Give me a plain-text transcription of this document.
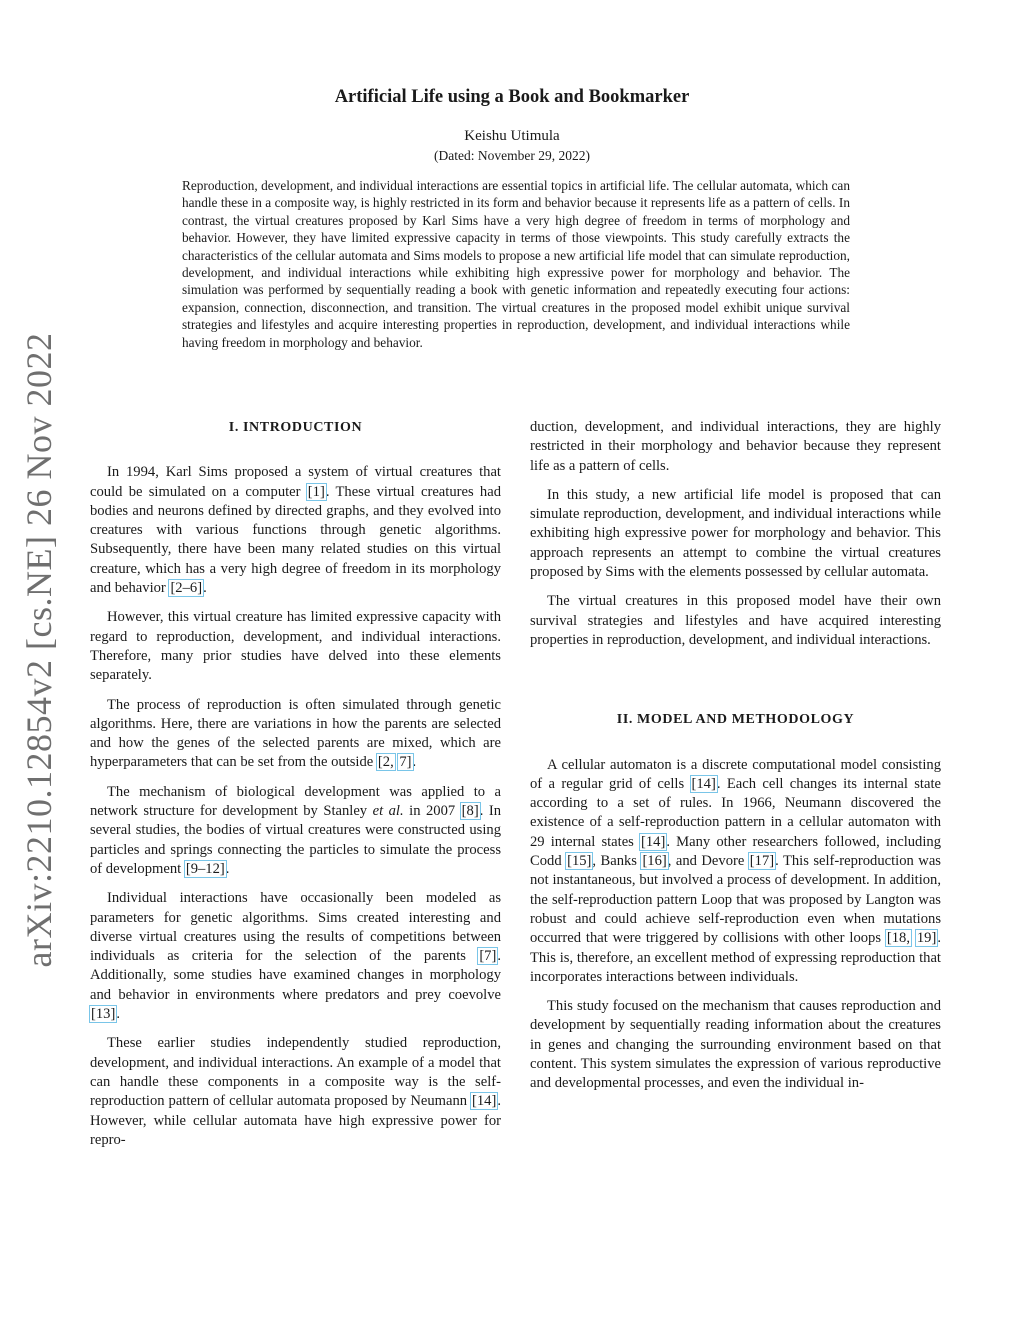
arXiv:2210.12854v2 [cs.NE] 26 Nov 2022
Artificial Life using a Book and Bookmarker
Keishu Utimula
(Dated: November 29, 2022)

Reproduction, development, and individual interactions are essential topics in artificial life. The cellular automata, which can handle these in a composite way, is highly restricted in its form and behavior because it represents life as a pattern of cells. In contrast, the virtual creatures proposed by Karl Sims have a very high degree of freedom in terms of morphology and behavior. However, they have limited expressive capacity in terms of those viewpoints. This study carefully extracts the characteristics of the cellular automata and Sims models to propose a new artificial life model that can simulate reproduction, development, and individual interactions while exhibiting high expressive power for morphology and behavior. The simulation was performed by sequentially reading a book with genetic information and repeatedly executing four actions: expansion, connection, disconnection, and transition. The virtual creatures in the proposed model exhibit unique survival strategies and lifestyles and acquire interesting properties in reproduction, development, and individual interactions while having freedom in morphology and behavior.

I. INTRODUCTION

In 1994, Karl Sims proposed a system of virtual creatures that could be simulated on a computer [1]. These virtual creatures had bodies and neurons defined by directed graphs, and they evolved into creatures with various functions through genetic algorithms. Subsequently, there have been many related studies on this virtual creature, which has a very high degree of freedom in its morphology and behavior [2–6].

However, this virtual creature has limited expressive capacity with regard to reproduction, development, and individual interactions. Therefore, many prior studies have delved into these elements separately.

The process of reproduction is often simulated through genetic algorithms. Here, there are variations in how the parents are selected and how the genes of the selected parents are mixed, which are hyperparameters that can be set from the outside [2, 7].

The mechanism of biological development was applied to a network structure for development by Stanley et al. in 2007 [8]. In several studies, the bodies of virtual creatures were constructed using particles and springs connecting the particles to simulate the process of development [9–12].

Individual interactions have occasionally been modeled as parameters for genetic algorithms. Sims created interesting and diverse virtual creatures using the results of competitions between individuals as criteria for the selection of the parents [7]. Additionally, some studies have examined changes in morphology and behavior in environments where predators and prey coevolve [13].

These earlier studies independently studied reproduction, development, and individual interactions. An example of a model that can handle these components in a composite way is the self-reproduction pattern of cellular automata proposed by Neumann [14]. However, while cellular automata have high expressive power for repro-

duction, development, and individual interactions, they are highly restricted in their morphology and behavior because they represent life as a pattern of cells.

In this study, a new artificial life model is proposed that can simulate reproduction, development, and individual interactions while exhibiting high expressive power for morphology and behavior. This approach represents an attempt to combine the virtual creatures proposed by Sims with the elements possessed by cellular automata.

The virtual creatures in this proposed model have their own survival strategies and lifestyles and have acquired interesting properties in reproduction, development, and individual interactions.

II. MODEL AND METHODOLOGY

A cellular automaton is a discrete computational model consisting of a regular grid of cells [14]. Each cell changes its internal state according to a set of rules. In 1966, Neumann discovered the existence of a self-reproduction pattern in a cellular automaton with 29 internal states [14]. Many other researchers followed, including Codd [15], Banks [16], and Devore [17]. This self-reproduction was not instantaneous, but involved a process of development. In addition, the self-reproduction pattern Loop that was proposed by Langton was robust and could achieve self-reproduction even when mutations occurred that were triggered by collisions with other loops [18, 19]. This is, therefore, an excellent method of expressing reproduction that incorporates interactions between individuals.

This study focused on the mechanism that causes reproduction and development by sequentially reading information about the creatures in genes and changing the surrounding environment based on that content. This system simulates the expression of various reproductive and developmental processes, and even the individual in-
